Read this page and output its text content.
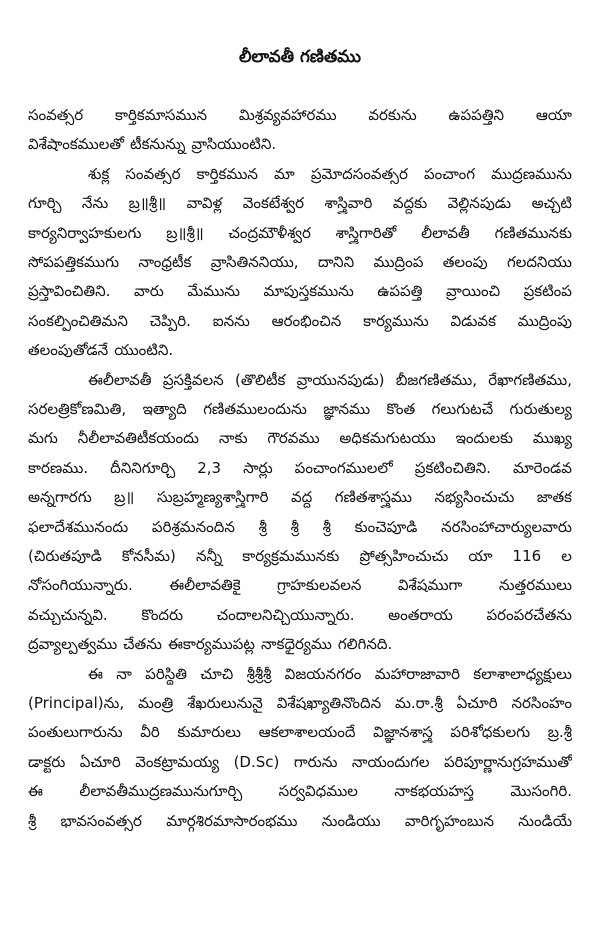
లీలావతీ గణితము
సంవత్సర కార్తికమాసమున మిశ్రవ్యవహారము వరకును ఉపపత్తిని ఆయా
విశేషాంకములతో టీకనున్ను వ్రాసియుంటిని.
శుక్ల సంవత్సర కార్తికమున మా ప్రమోదసంవత్సర పంచాంగ ముద్రణమును
గూర్చి నేను బ్ర॥శ్రీ॥ వావిళ్ల వెంకటేశ్వర శాస్త్రివారి వద్దకు వెల్లినపుడు అచ్చటి
కార్యనిర్వాహకులగు బ్ర॥శ్రీ॥ చంద్రమౌళీశ్వర శాస్త్రిగారితో లీలావతీ గణితమునకు
సోపపత్తికముగు నాంధ్రటీక వ్రాసితిననియు, దానిని ముద్రింప తలంపు గలదనియు
ప్రస్తావించితిని. వారు మేమును మాపుస్తకమును ఉపపత్తి వ్రాయించి ప్రకటింప
సంకల్పించితిమని చెప్పిరి. ఐనను ఆరంభించిన కార్యమును విడువక ముద్రింపు
తలంపుతోడనే యుంటిని.
ఈలీలావతీ ప్రసక్తివలన (తొలిటీక వ్రాయునపుడు) బీజగణితము, రేఖాగణితము,
సరలత్రికోణమితి, ఇత్యాది గణితములందును జ్ఞానము కొంత గలుగుటచే గురుతుల్య
మగు నీలీలావతిటీకయందు నాకు గౌరవము అధికమగుటయు ఇందులకు ముఖ్య
కారణము. దీనినిగూర్చి 2,3 సార్లు పంచాంగములలో ప్రకటించితిని. మారెండవ
అన్నగారగు బ్ర॥ సుబ్రహ్మణ్యశాస్త్రిగారి వద్ద గణితశాస్త్రము నభ్యసించుచు జాతక
ఫలాదేశమునందు పరిశ్రమనందిన శ్రీ శ్రీ శ్రీ కుంచెపూడి నరసింహాచార్యులవారు
(చిరుతపూడి కోనసీమ) నన్నీ కార్యక్రమమునకు ప్రోత్సహించుచు యా 116 ల
నోసంగియున్నారు. ఈలీలావతికై గ్రాహకులవలన విశేషముగా నుత్తరములు
వచ్చుచున్నవి. కొందరు చందాలనిచ్చియున్నారు. అంతరాయ పరంపరచేతను
ద్రవ్యాల్పత్వము చేతను ఈకార్యముపట్ల నాకధైర్యము గలిగినది.
ఈ నా పరిస్థితి చూచి శ్రీశ్రీశ్రీ విజయనగరం మహారాజావారి కలాశాలాధ్యక్షులు
(Principal)ను, మంత్రి శేఖరులునునై విశేషఖ్యాతినొందిన మ.రా.శ్రీ ఏచూరి నరసింహం
పంతులుగారును వీరి కుమారులు ఆకలాశాలయందే విజ్ఞానశాస్త్ర పరిశోధకులగు బ్ర.శ్రీ
డాక్టరు ఏచూరి వెంకట్రామయ్య (D.Sc) గారును నాయందుగల పరిపూర్ణానుగ్రహముతో
ఈ లీలావతీముద్రణమునుగూర్చి సర్వవిధముల నాకభయహస్త మొసంగిరి.
శ్రీ భావసంవత్సర మార్గశిరమాసారంభము నుండియు వారిగృహంబున నుండియే
